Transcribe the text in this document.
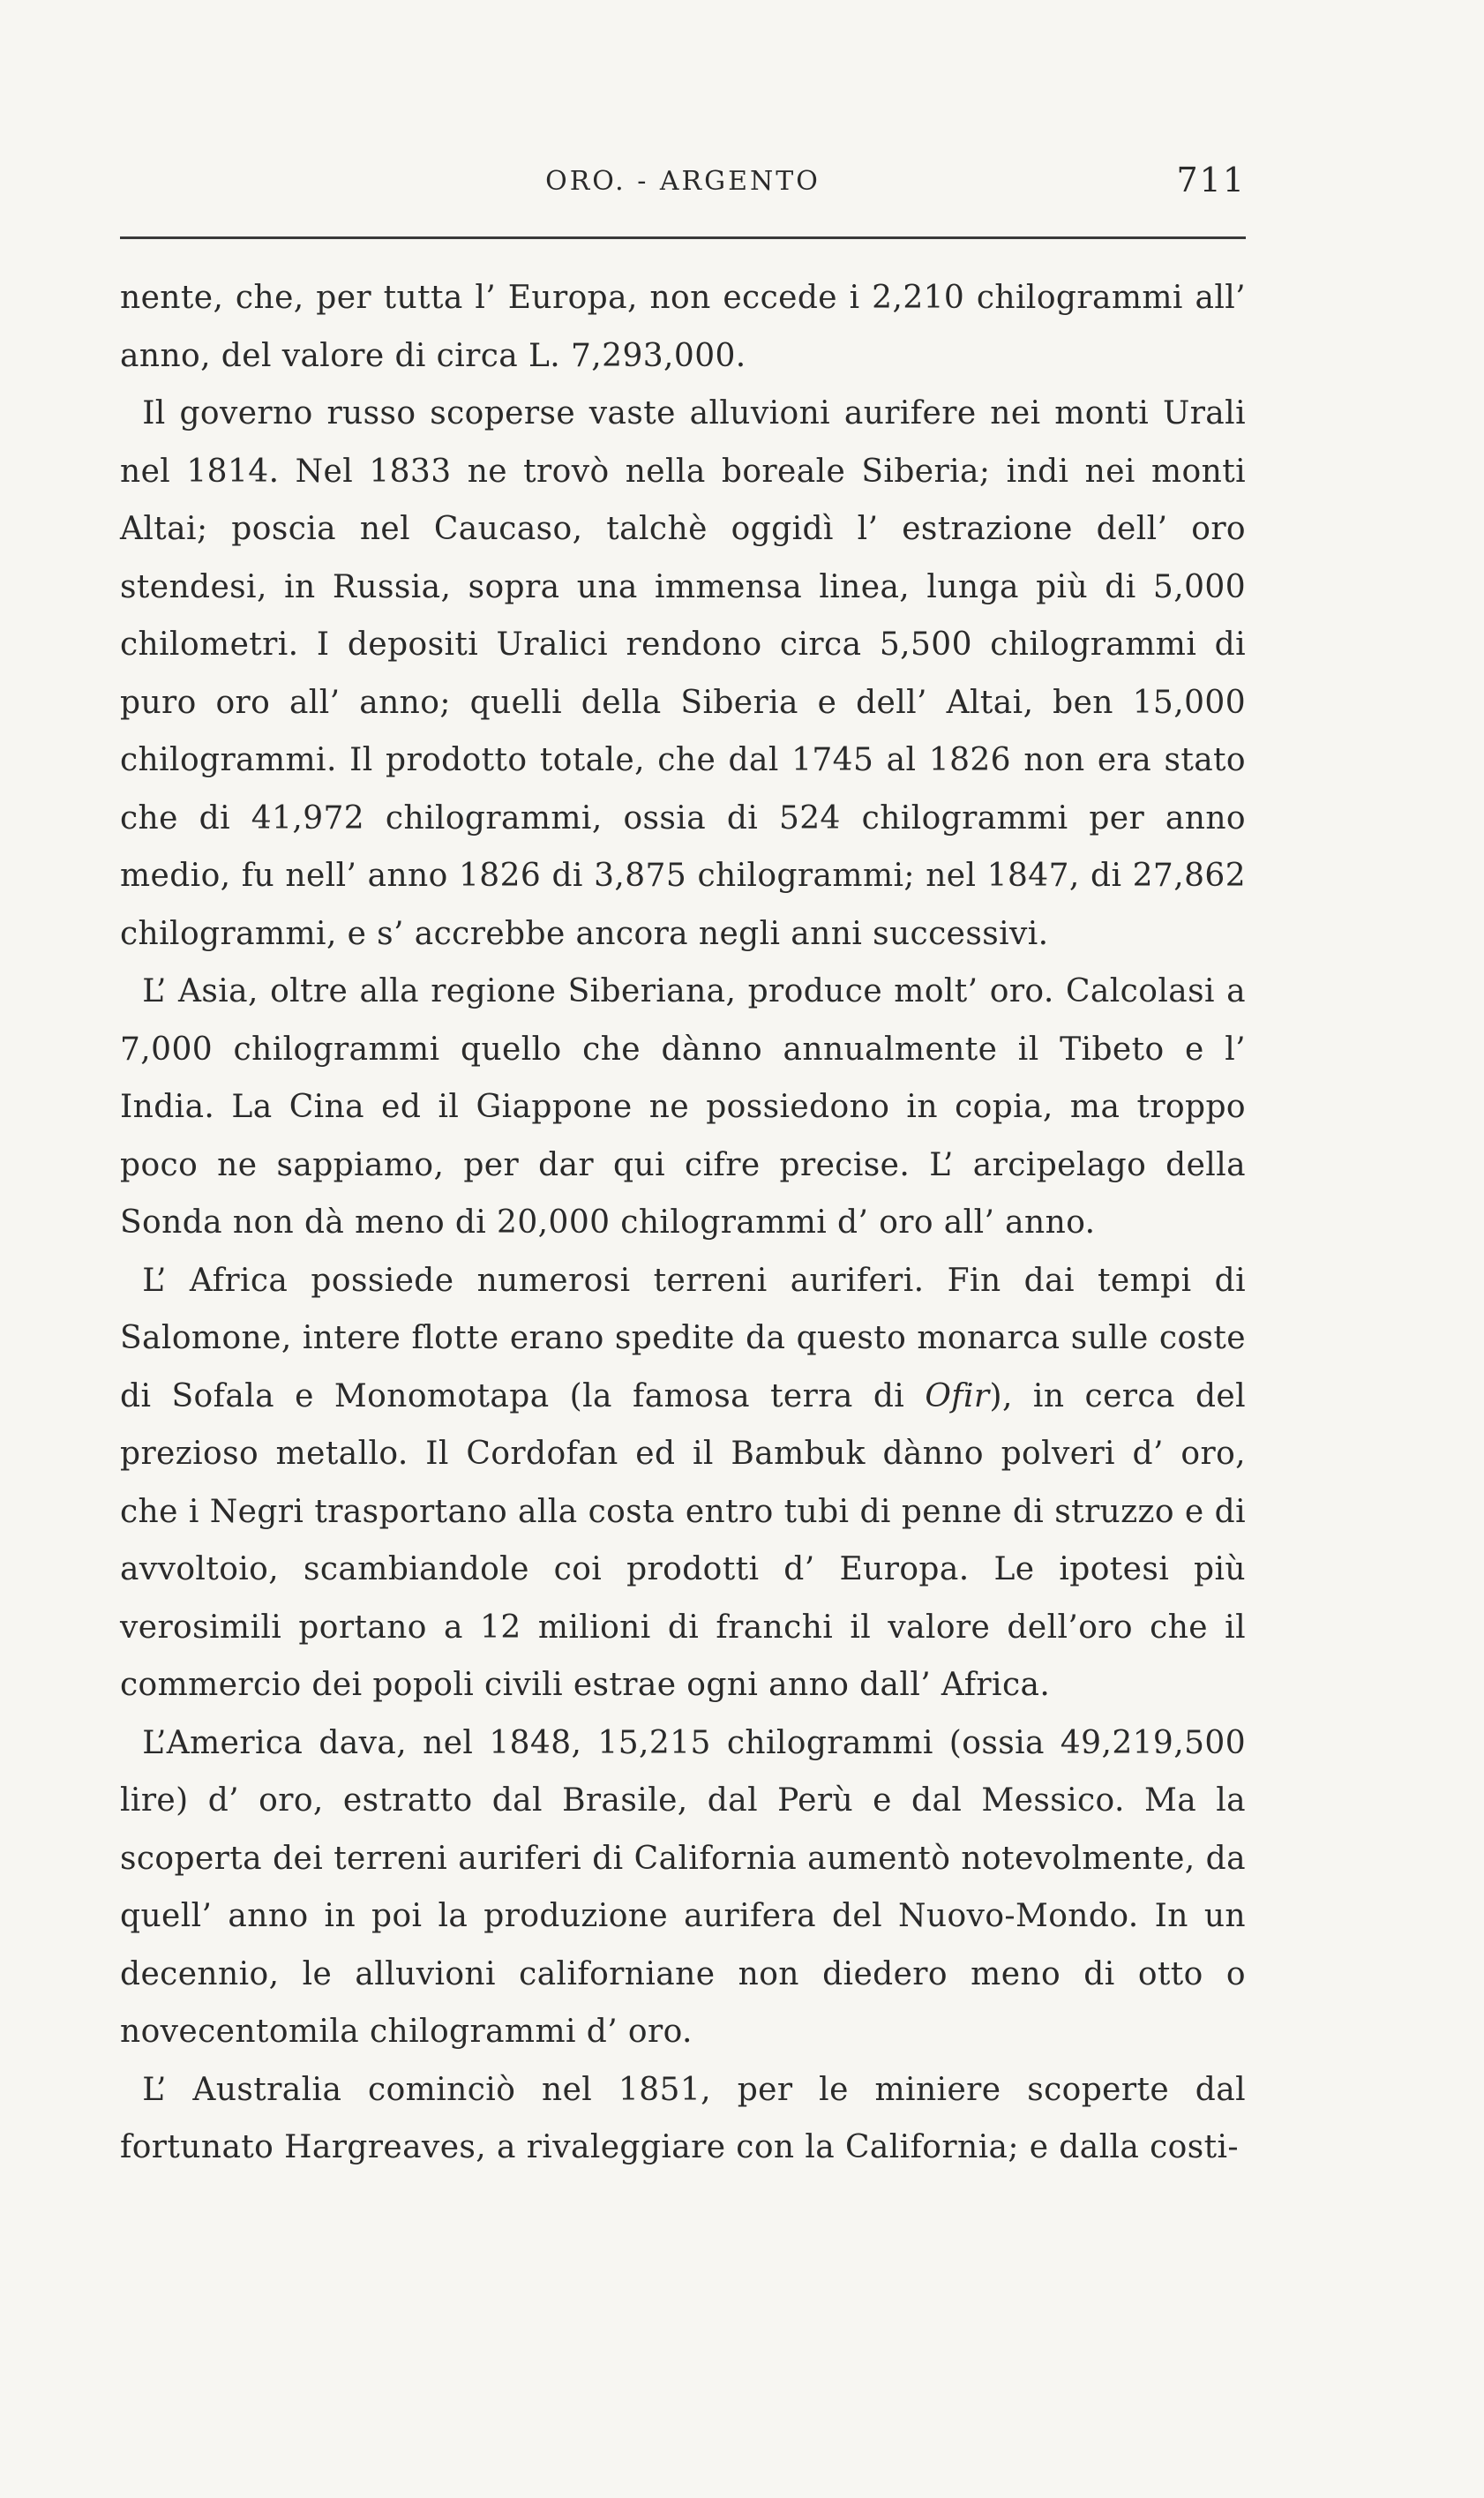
ORO. - ARGENTO	711

nente, che, per tutta l’ Europa, non eccede i 2,210 chilogrammi all’ anno, del valore di circa L. 7,293,000.

Il governo russo scoperse vaste alluvioni aurifere nei monti Urali nel 1814. Nel 1833 ne trovò nella boreale Siberia; indi nei monti Altai; poscia nel Caucaso, talchè oggidì l’ estrazione dell’ oro stendesi, in Russia, sopra una immensa linea, lunga più di 5,000 chilometri. I depositi Uralici rendono circa 5,500 chilogrammi di puro oro all’ anno; quelli della Siberia e dell’ Altai, ben 15,000 chilogrammi. Il prodotto totale, che dal 1745 al 1826 non era stato che di 41,972 chilogrammi, ossia di 524 chilogrammi per anno medio, fu nell’ anno 1826 di 3,875 chilogrammi; nel 1847, di 27,862 chilogrammi, e s’ accrebbe ancora negli anni successivi.

L’ Asia, oltre alla regione Siberiana, produce molt’ oro. Calcolasi a 7,000 chilogrammi quello che dànno annualmente il Tibeto e l’ India. La Cina ed il Giappone ne possiedono in copia, ma troppo poco ne sappiamo, per dar qui cifre precise. L’ arcipelago della Sonda non dà meno di 20,000 chilogrammi d’ oro all’ anno.

L’ Africa possiede numerosi terreni auriferi. Fin dai tempi di Salomone, intere flotte erano spedite da questo monarca sulle coste di Sofala e Monomotapa (la famosa terra di Ofir), in cerca del prezioso metallo. Il Cordofan ed il Bambuk dànno polveri d’ oro, che i Negri trasportano alla costa entro tubi di penne di struzzo e di avvoltoio, scambiandole coi prodotti d’ Europa. Le ipotesi più verosimili portano a 12 milioni di franchi il valore dell’oro che il commercio dei popoli civili estrae ogni anno dall’ Africa.

L’America dava, nel 1848, 15,215 chilogrammi (ossia 49,219,500 lire) d’ oro, estratto dal Brasile, dal Perù e dal Messico. Ma la scoperta dei terreni auriferi di California aumentò notevolmente, da quell’ anno in poi la produzione aurifera del Nuovo-Mondo. In un decennio, le alluvioni californiane non diedero meno di otto o novecentomila chilogrammi d’ oro.

L’ Australia cominciò nel 1851, per le miniere scoperte dal fortunato Hargreaves, a rivaleggiare con la California; e dalla costi-
